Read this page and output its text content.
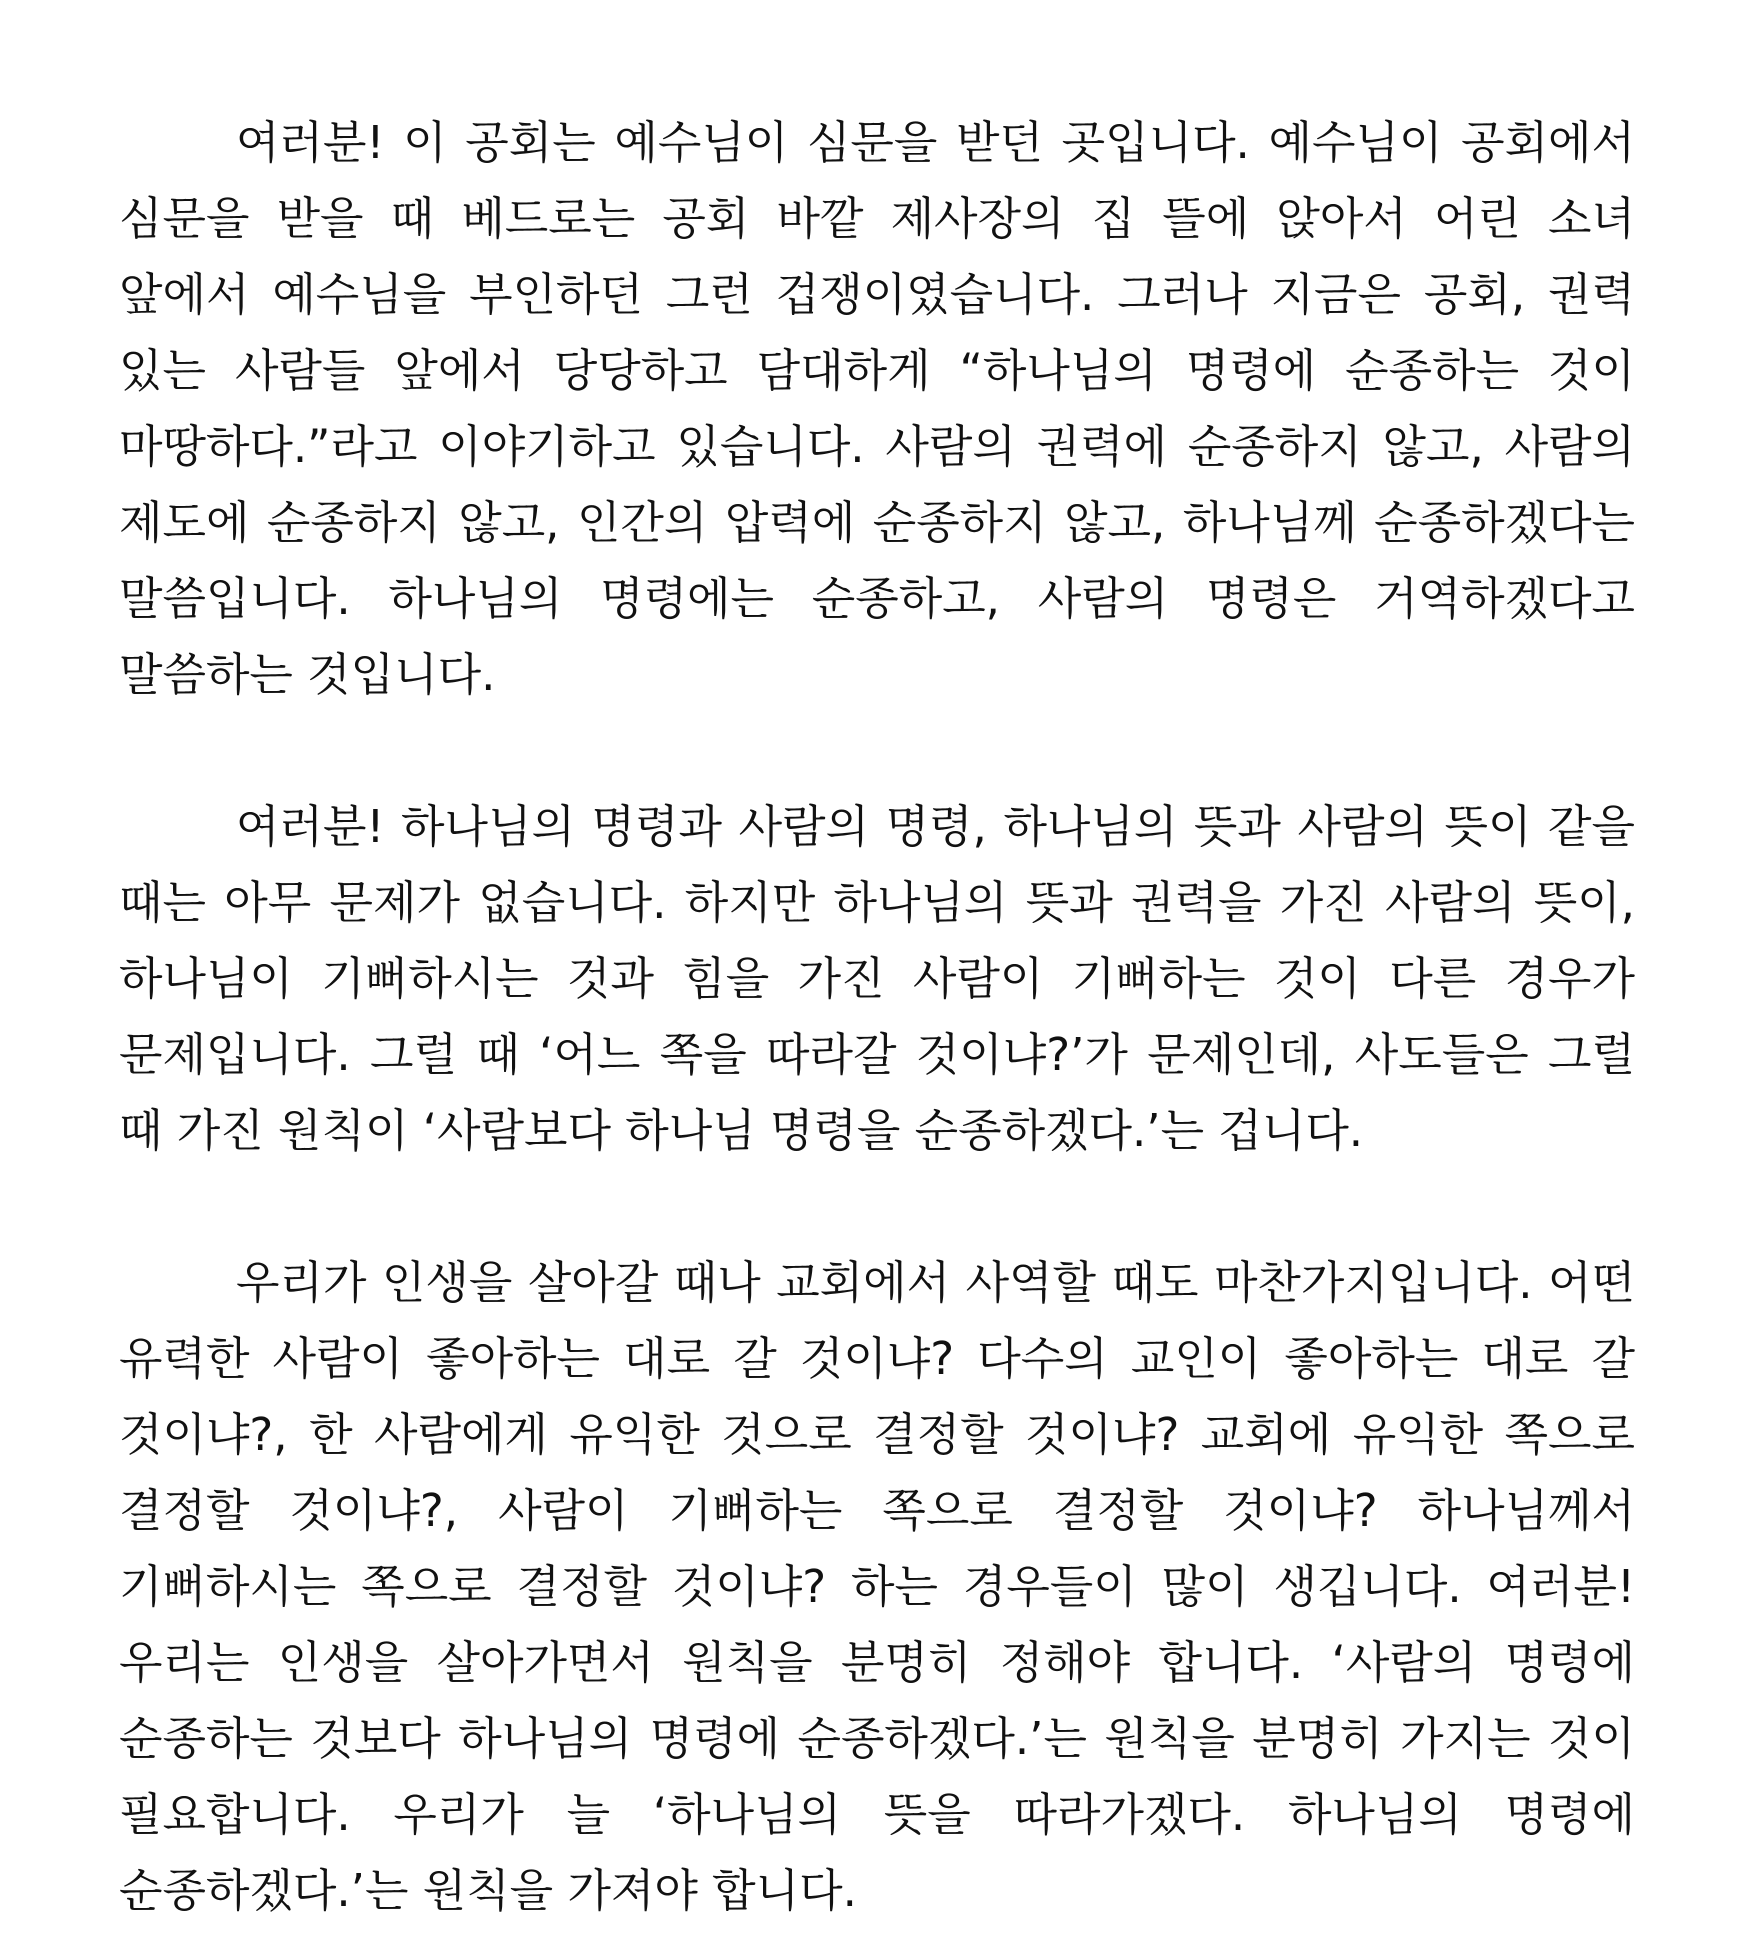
여러분! 이 공회는 예수님이 심문을 받던 곳입니다. 예수님이 공회에서 심문을 받을 때 베드로는 공회 바깥 제사장의 집 뜰에 앉아서 어린 소녀 앞에서 예수님을 부인하던 그런 겁쟁이였습니다. 그러나 지금은 공회, 권력 있는 사람들 앞에서 당당하고 담대하게 “하나님의 명령에 순종하는 것이 마땅하다.”라고 이야기하고 있습니다. 사람의 권력에 순종하지 않고, 사람의 제도에 순종하지 않고, 인간의 압력에 순종하지 않고, 하나님께 순종하겠다는 말씀입니다. 하나님의 명령에는 순종하고, 사람의 명령은 거역하겠다고 말씀하는 것입니다.

여러분! 하나님의 명령과 사람의 명령, 하나님의 뜻과 사람의 뜻이 같을 때는 아무 문제가 없습니다. 하지만 하나님의 뜻과 권력을 가진 사람의 뜻이, 하나님이 기뻐하시는 것과 힘을 가진 사람이 기뻐하는 것이 다른 경우가 문제입니다. 그럴 때 ‘어느 쪽을 따라갈 것이냐?’가 문제인데, 사도들은 그럴 때 가진 원칙이 ‘사람보다 하나님 명령을 순종하겠다.’는 겁니다.

우리가 인생을 살아갈 때나 교회에서 사역할 때도 마찬가지입니다. 어떤 유력한 사람이 좋아하는 대로 갈 것이냐? 다수의 교인이 좋아하는 대로 갈 것이냐?, 한 사람에게 유익한 것으로 결정할 것이냐? 교회에 유익한 쪽으로 결정할 것이냐?, 사람이 기뻐하는 쪽으로 결정할 것이냐? 하나님께서 기뻐하시는 쪽으로 결정할 것이냐? 하는 경우들이 많이 생깁니다. 여러분! 우리는 인생을 살아가면서 원칙을 분명히 정해야 합니다. ‘사람의 명령에 순종하는 것보다 하나님의 명령에 순종하겠다.’는 원칙을 분명히 가지는 것이 필요합니다. 우리가 늘 ‘하나님의 뜻을 따라가겠다. 하나님의 명령에 순종하겠다.’는 원칙을 가져야 합니다.
